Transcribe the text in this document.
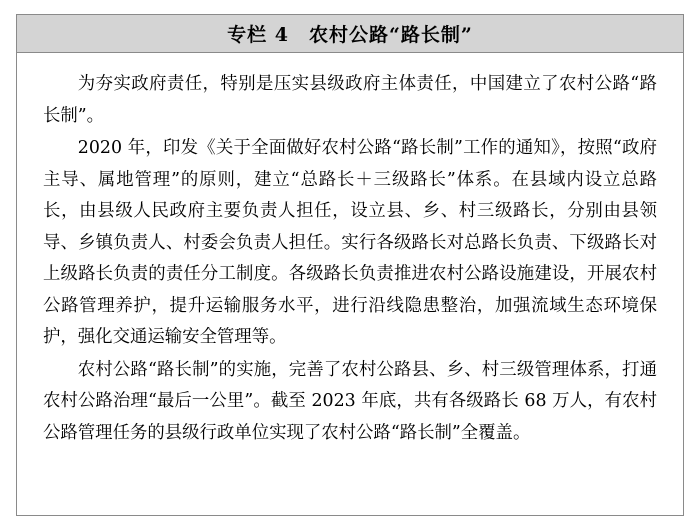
专栏 4　农村公路“路长制”

为夯实政府责任，特别是压实县级政府主体责任，中国建立了农村公路“路长制”。

2020 年，印发《关于全面做好农村公路“路长制”工作的通知》，按照“政府主导、属地管理”的原则，建立“总路长＋三级路长”体系。在县域内设立总路长，由县级人民政府主要负责人担任，设立县、乡、村三级路长，分别由县领导、乡镇负责人、村委会负责人担任。实行各级路长对总路长负责、下级路长对上级路长负责的责任分工制度。各级路长负责推进农村公路设施建设，开展农村公路管理养护，提升运输服务水平，进行沿线隐患整治，加强流域生态环境保护，强化交通运输安全管理等。

农村公路“路长制”的实施，完善了农村公路县、乡、村三级管理体系，打通农村公路治理“最后一公里”。截至 2023 年底，共有各级路长 68 万人，有农村公路管理任务的县级行政单位实现了农村公路“路长制”全覆盖。
